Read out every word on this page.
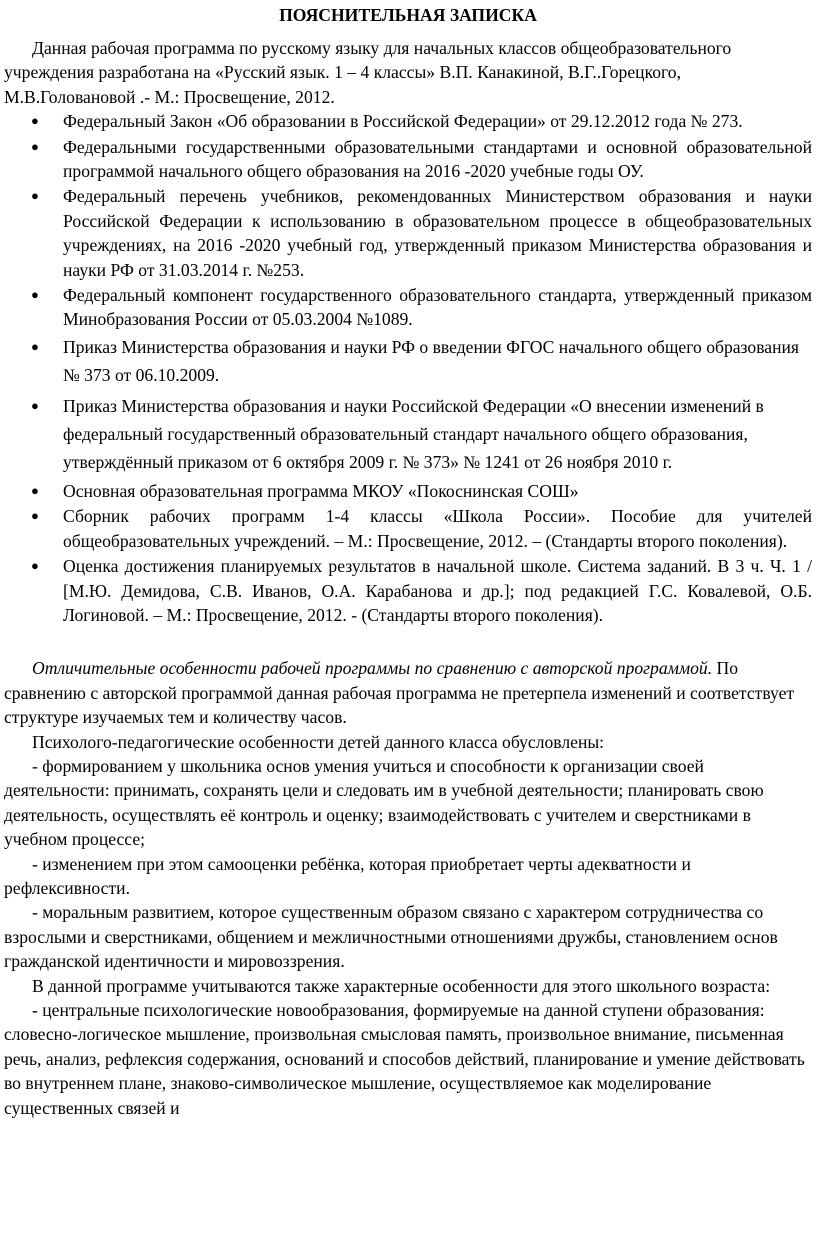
ПОЯСНИТЕЛЬНАЯ ЗАПИСКА

Данная рабочая программа по русскому языку для начальных классов общеобразовательного учреждения разработана на «Русский язык. 1 – 4 классы» В.П. Канакиной, В.Г..Горецкого, М.В.Головановой .- М.: Просвещение, 2012.

● Федеральный Закон «Об образовании в Российской Федерации» от 29.12.2012 года № 273.
● Федеральными государственными образовательными стандартами и основной образовательной программой начального общего образования на 2016 -2020 учебные годы ОУ.
● Федеральный перечень учебников, рекомендованных Министерством образования и науки Российской Федерации к использованию в образовательном процессе в общеобразовательных учреждениях, на 2016 -2020 учебный год, утвержденный приказом Министерства образования и науки РФ от 31.03.2014 г. №253.
● Федеральный компонент государственного образовательного стандарта, утвержденный приказом Минобразования России от 05.03.2004 №1089.
● Приказ Министерства образования и науки РФ о введении ФГОС начального общего образования № 373 от 06.10.2009.
● Приказ Министерства образования и науки Российской Федерации «О внесении изменений в федеральный государственный образовательный стандарт начального общего образования, утверждённый приказом от 6 октября 2009 г. № 373» № 1241 от 26 ноября 2010 г.
● Основная образовательная программа МКОУ «Покоснинская СОШ»
● Сборник рабочих программ 1-4 классы «Школа России». Пособие для учителей общеобразовательных учреждений. – М.: Просвещение, 2012. – (Стандарты второго поколения).
● Оценка достижения планируемых результатов в начальной школе. Система заданий. В 3 ч. Ч. 1 / [М.Ю. Демидова, С.В. Иванов, О.А. Карабанова и др.]; под редакцией Г.С. Ковалевой, О.Б. Логиновой. – М.: Просвещение, 2012. - (Стандарты второго поколения).

Отличительные особенности рабочей программы по сравнению с авторской программой. По сравнению с авторской программой данная рабочая программа не претерпела изменений и соответствует структуре изучаемых тем и количеству часов.

Психолого-педагогические особенности детей данного класса обусловлены:

- формированием у школьника основ умения учиться и способности к организации своей деятельности: принимать, сохранять цели и следовать им в учебной деятельности; планировать свою деятельность, осуществлять её контроль и оценку; взаимодействовать с учителем и сверстниками в учебном процессе;

- изменением при этом самооценки ребёнка, которая приобретает черты адекватности и рефлексивности.

- моральным развитием, которое существенным образом связано с характером сотрудничества со взрослыми и сверстниками, общением и межличностными отношениями дружбы, становлением основ гражданской идентичности и мировоззрения.

В данной программе учитываются также характерные особенности для этого школьного возраста:

- центральные психологические новообразования, формируемые на данной ступени образования: словесно-логическое мышление, произвольная смысловая память, произвольное внимание, письменная речь, анализ, рефлексия содержания, оснований и способов действий, планирование и умение действовать во внутреннем плане, знаково-символическое мышление, осуществляемое как моделирование существенных связей и
